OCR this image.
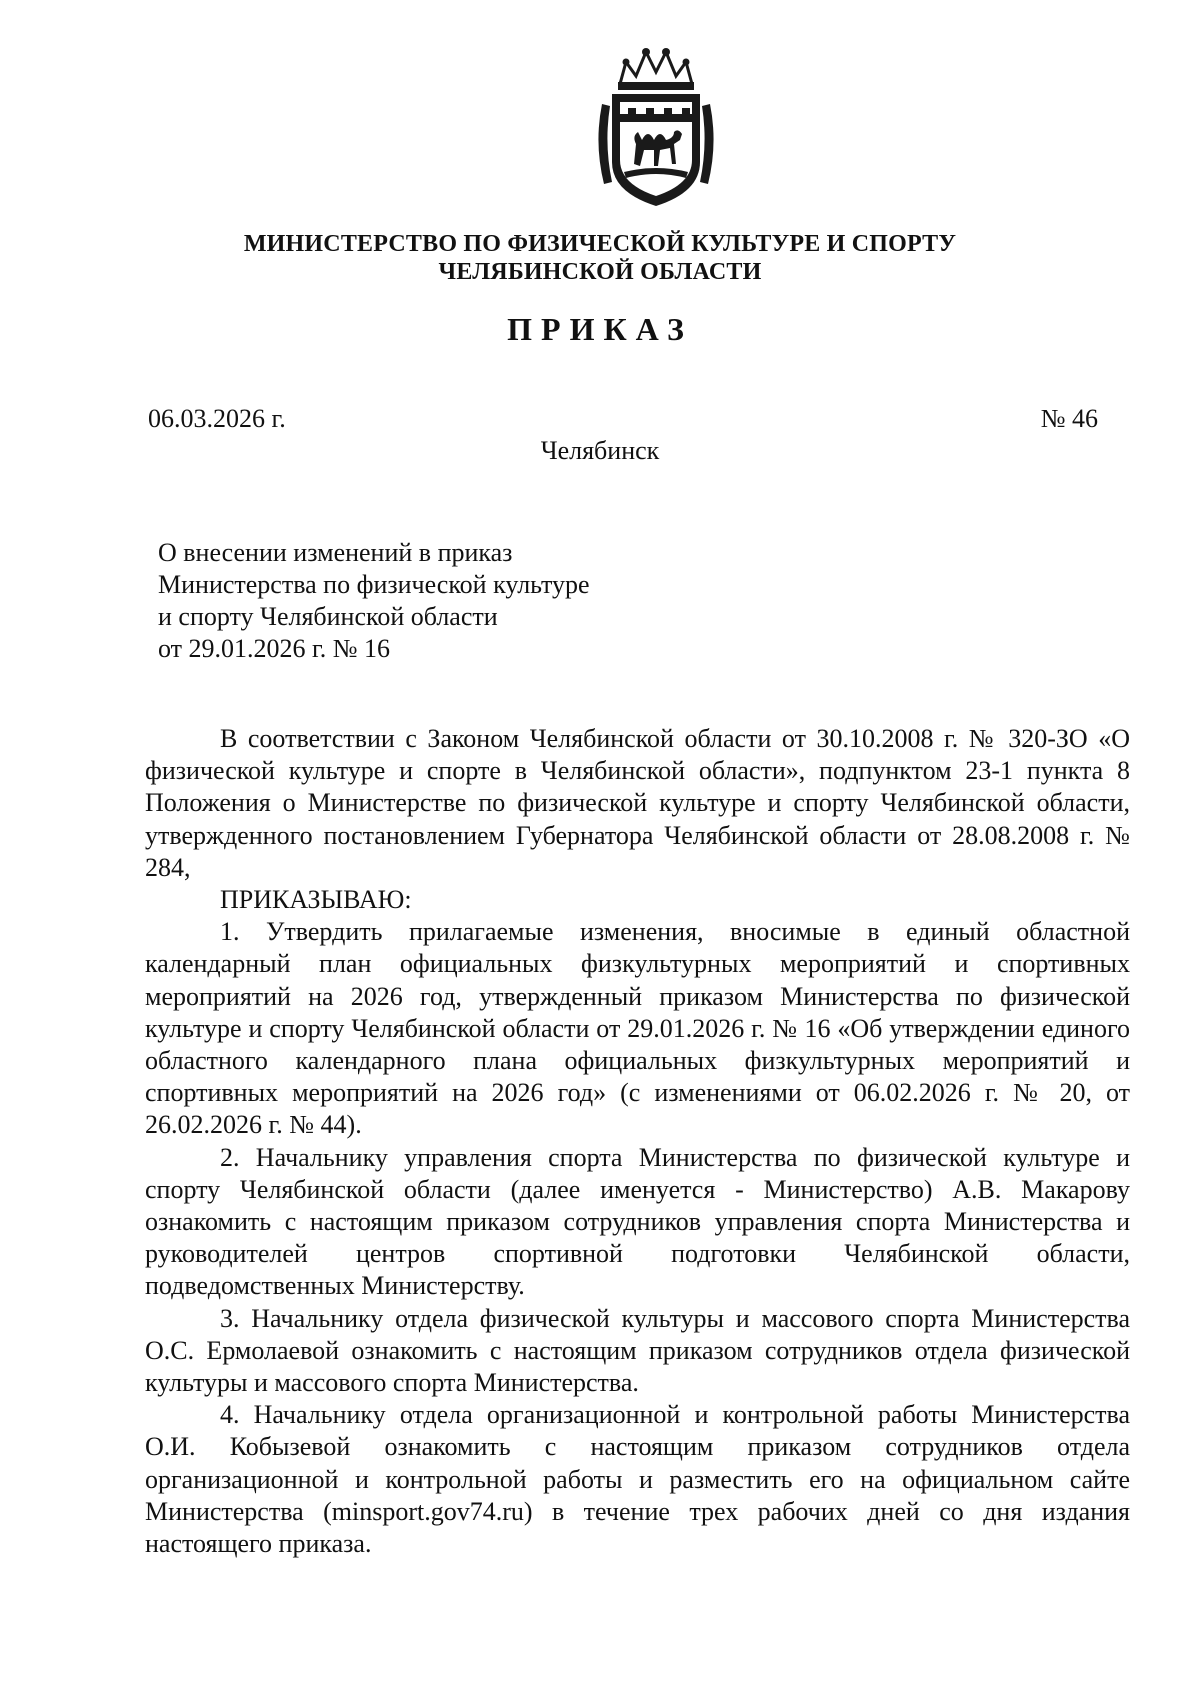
МИНИСТЕРСТВО ПО ФИЗИЧЕСКОЙ КУЛЬТУРЕ И СПОРТУ
ЧЕЛЯБИНСКОЙ ОБЛАСТИ
ПРИКАЗ
06.03.2026 г.	№ 46
Челябинск
О внесении изменений в приказ
Министерства по физической культуре
и спорту Челябинской области
от 29.01.2026 г. № 16

В соответствии с Законом Челябинской области от 30.10.2008 г. № 320-ЗО «О физической культуре и спорте в Челябинской области», подпунктом 23-1 пункта 8 Положения о Министерстве по физической культуре и спорту Челябинской области, утвержденного постановлением Губернатора Челябинской области от 28.08.2008 г. № 284,

ПРИКАЗЫВАЮ:

1. Утвердить прилагаемые изменения, вносимые в единый областной календарный план официальных физкультурных мероприятий и спортивных мероприятий на 2026 год, утвержденный приказом Министерства по физической культуре и спорту Челябинской области от 29.01.2026 г. № 16 «Об утверждении единого областного календарного плана официальных физкультурных мероприятий и спортивных мероприятий на 2026 год» (с изменениями от 06.02.2026 г. № 20, от 26.02.2026 г. № 44).

2. Начальнику управления спорта Министерства по физической культуре и спорту Челябинской области (далее именуется - Министерство) А.В. Макарову ознакомить с настоящим приказом сотрудников управления спорта Министерства и руководителей центров спортивной подготовки Челябинской области, подведомственных Министерству.

3. Начальнику отдела физической культуры и массового спорта Министерства О.С. Ермолаевой ознакомить с настоящим приказом сотрудников отдела физической культуры и массового спорта Министерства.

4. Начальнику отдела организационной и контрольной работы Министерства О.И. Кобызевой ознакомить с настоящим приказом сотрудников отдела организационной и контрольной работы и разместить его на официальном сайте Министерства (minsport.gov74.ru) в течение трех рабочих дней со дня издания настоящего приказа.
